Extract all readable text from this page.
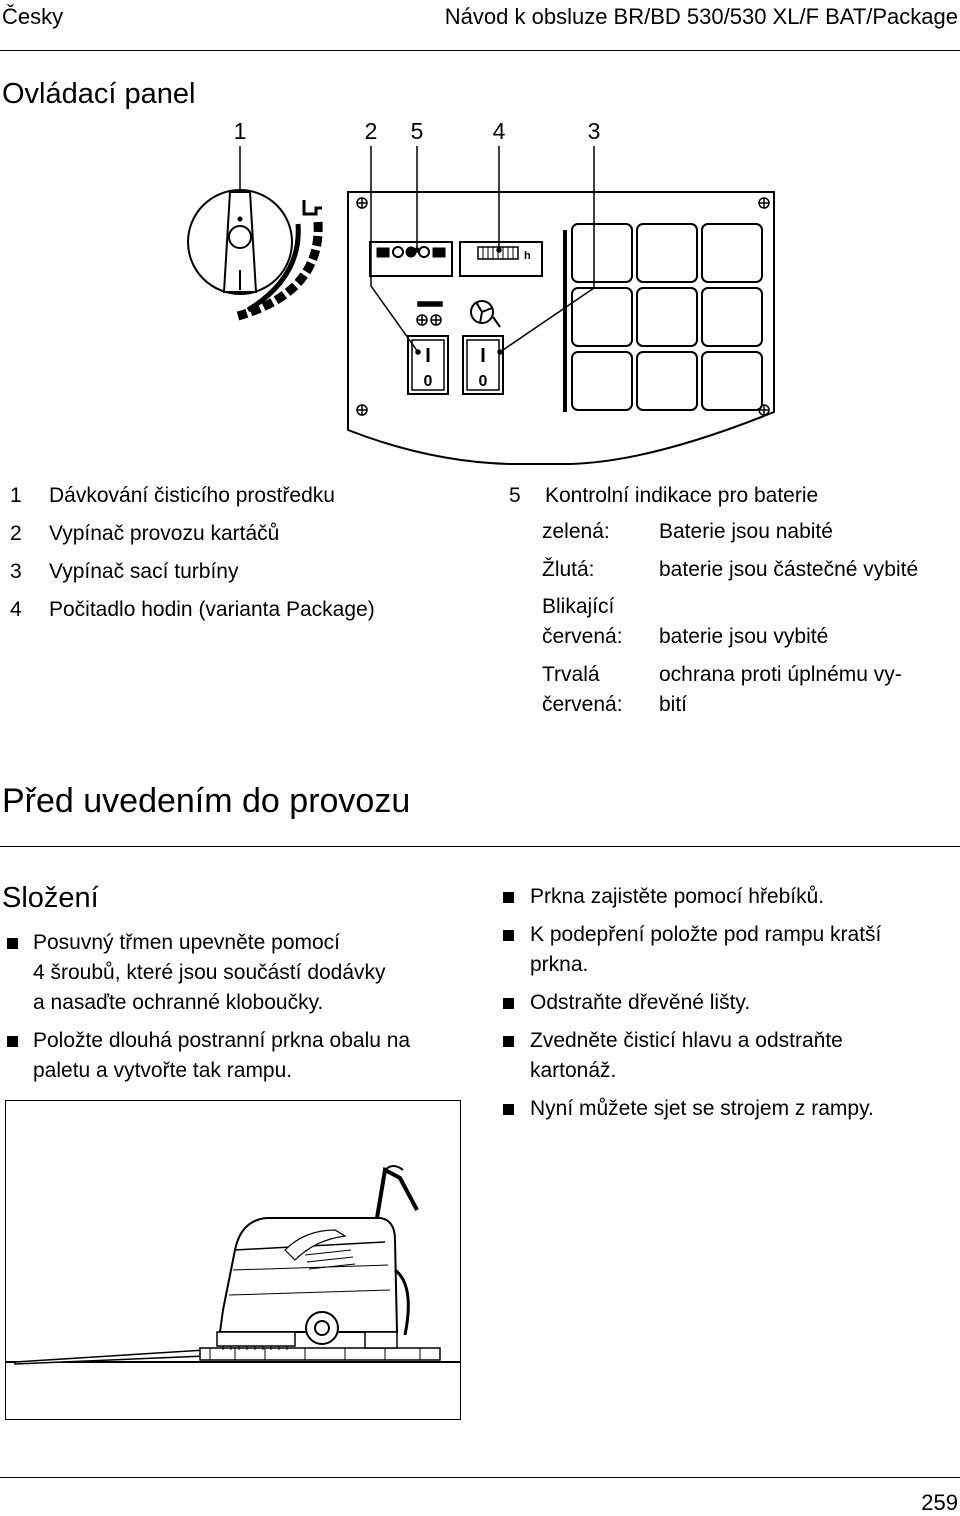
Česky	Návod k obsluze BR/BD 530/530 XL/F BAT/Package
Ovládací panel
1	2 5	4	3
h
I
0
I
0
1 Dávkování čisticího prostředku
2 Vypínač provozu kartáčů
3 Vypínač sací turbíny
4 Počitadlo hodin (varianta Package)
5 Kontrolní indikace pro baterie
zelená: Baterie jsou nabité
Žlutá:	baterie jsou částečné vybité
Blikající
červená: baterie jsou vybité
Trvalá
červená:
ochrana proti úplnému vy-
bití
Před uvedením do provozu
Složení
Posuvný třmen upevněte pomocí
4 šroubů, které jsou součástí dodávky
a nasaďte ochranné kloboučky.
Položte dlouhá postranní prkna obalu na
paletu a vytvořte tak rampu.
Prkna zajistěte pomocí hřebíků.
K podepření položte pod rampu kratší
prkna.
Odstraňte dřevěné lišty.
Zvedněte čisticí hlavu a odstraňte
kartonáž.
Nyní můžete sjet se strojem z rampy.
259
